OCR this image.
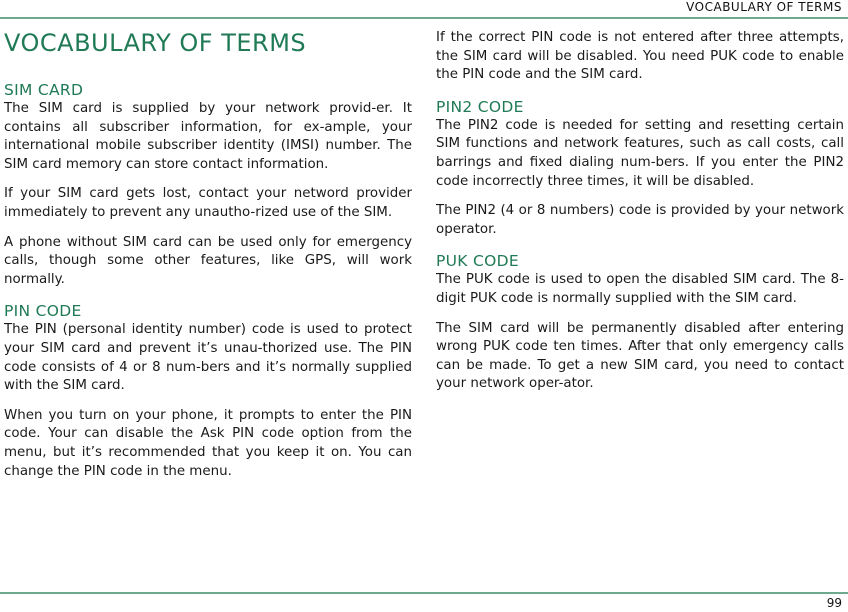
VOCABULARY OF TERMS
VOCABULARY OF TERMS
SIM CARD

The SIM card is supplied by your network provid-er. It contains all subscriber information, for ex-ample, your international mobile subscriber identity (IMSI) number. The SIM card memory can store contact information.

If your SIM card gets lost, contact your netword provider immediately to prevent any unautho-rized use of the SIM.

A phone without SIM card can be used only for emergency calls, though some other features, like GPS, will work normally.

PIN CODE

The PIN (personal identity number) code is used to protect your SIM card and prevent it’s unau-thorized use. The PIN code consists of 4 or 8 num-bers and it’s normally supplied with the SIM card.

When you turn on your phone, it prompts to enter the PIN code. Your can disable the Ask PIN code option from the menu, but it’s recommended that you keep it on. You can change the PIN code in the menu.

If the correct PIN code is not entered after three attempts, the SIM card will be disabled. You need PUK code to enable the PIN code and the SIM card.

PIN2 CODE

The PIN2 code is needed for setting and resetting certain SIM functions and network features, such as call costs, call barrings and fixed dialing num-bers. If you enter the PIN2 code incorrectly three times, it will be disabled.

The PIN2 (4 or 8 numbers) code is provided by your network operator.

PUK CODE

The PUK code is used to open the disabled SIM card. The 8-digit PUK code is normally supplied with the SIM card.

The SIM card will be permanently disabled after entering wrong PUK code ten times. After that only emergency calls can be made. To get a new SIM card, you need to contact your network oper-ator.

99
